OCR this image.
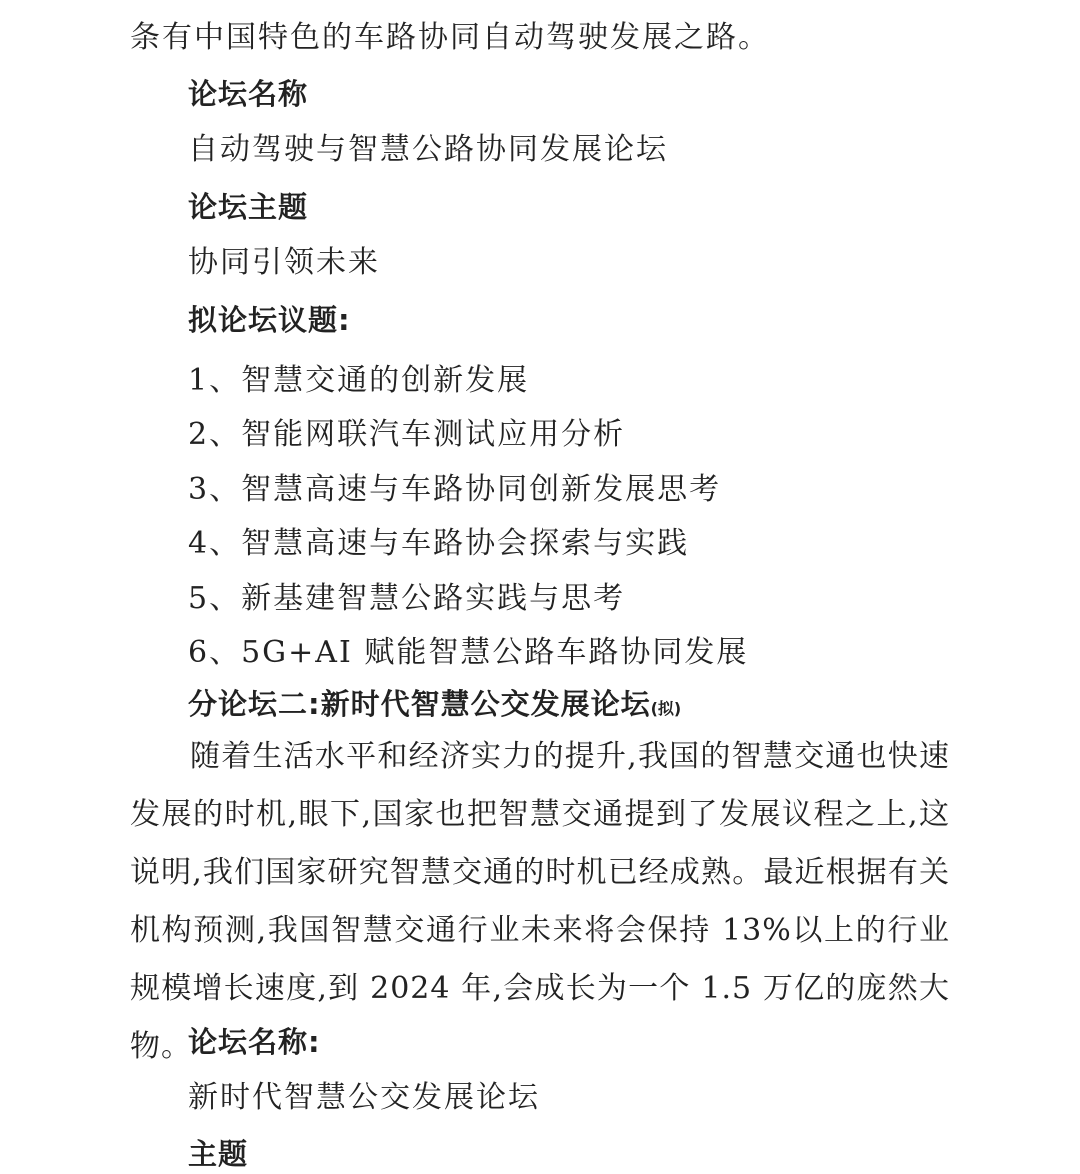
条有中国特色的车路协同自动驾驶发展之路。

论坛名称

自动驾驶与智慧公路协同发展论坛

论坛主题

协同引领未来

拟论坛议题:

1、智慧交通的创新发展

2、智能网联汽车测试应用分析

3、智慧高速与车路协同创新发展思考

4、智慧高速与车路协会探索与实践

5、新基建智慧公路实践与思考

6、5G+AI 赋能智慧公路车路协同发展

分论坛二:新时代智慧公交发展论坛(拟)

随着生活水平和经济实力的提升,我国的智慧交通也快速发展的时机,眼下,国家也把智慧交通提到了发展议程之上,这说明,我们国家研究智慧交通的时机已经成熟。最近根据有关机构预测,我国智慧交通行业未来将会保持 13%以上的行业规模增长速度,到 2024 年,会成长为一个 1.5 万亿的庞然大物。

论坛名称:

新时代智慧公交发展论坛

主题
